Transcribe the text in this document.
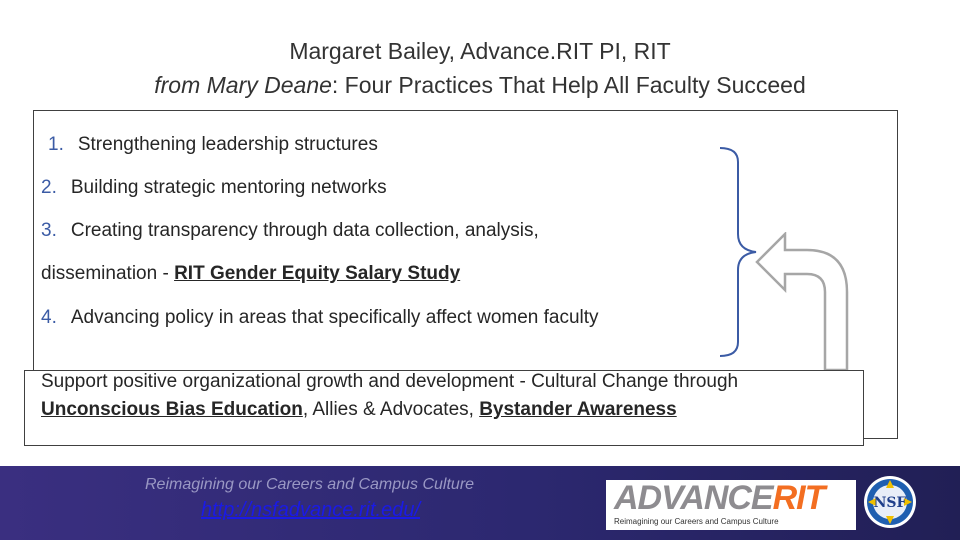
Margaret Bailey, Advance.RIT PI, RIT
from Mary Deane: Four Practices That Help All Faculty Succeed
1. Strengthening leadership structures
2. Building strategic mentoring networks
3. Creating transparency through data collection, analysis,
dissemination - RIT Gender Equity Salary Study
4. Advancing policy in areas that specifically affect women faculty
Support positive organizational growth and development - Cultural Change through
Unconscious Bias Education, Allies & Advocates, Bystander Awareness
Reimagining our Careers and Campus Culture
http://nsfadvance.rit.edu/	ADVANCERIT
Reimagining our Careers and Campus Culture
NSF
